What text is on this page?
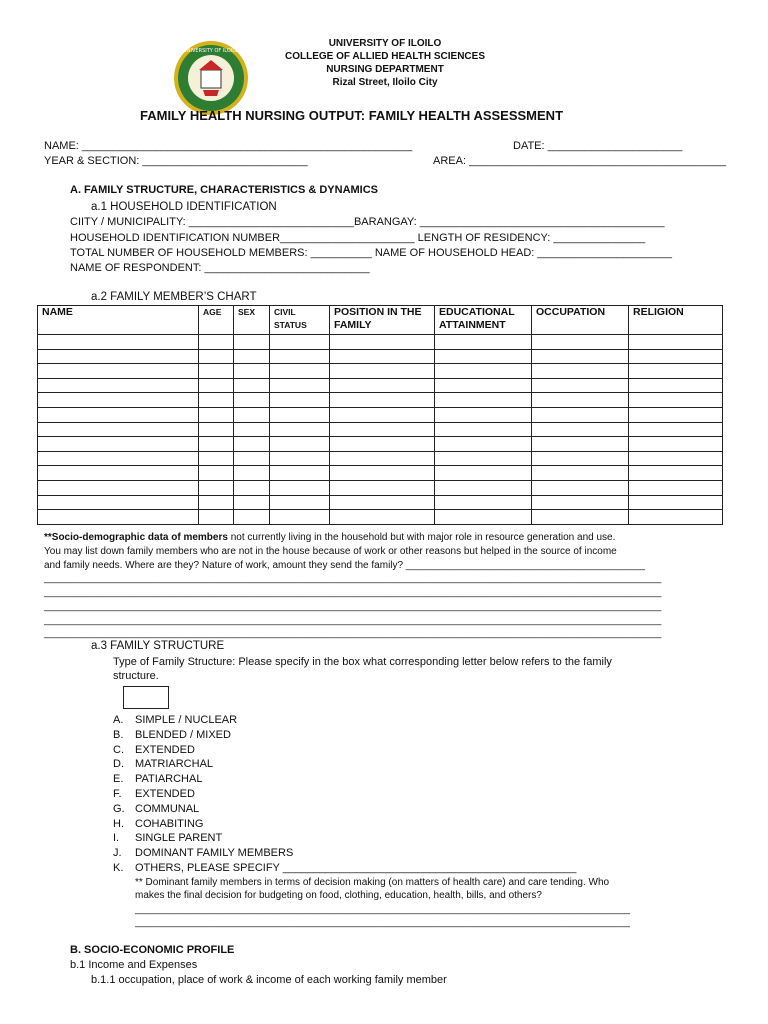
UNIVERSITY OF ILOILO
UNIVERSITY OF ILOILO
COLLEGE OF ALLIED HEALTH SCIENCES
NURSING DEPARTMENT
Rizal Street, Iloilo City
FAMILY HEALTH NURSING OUTPUT: FAMILY HEALTH ASSESSMENT
NAME: ______________________________________________________	DATE: ______________________
YEAR & SECTION: ___________________________	AREA: __________________________________________
A. FAMILY STRUCTURE, CHARACTERISTICS & DYNAMICS
a.1 HOUSEHOLD IDENTIFICATION
CIITY / MUNICIPALITY: ___________________________BARANGAY: ________________________________________
HOUSEHOLD IDENTIFICATION NUMBER______________________ LENGTH OF RESIDENCY: _______________
TOTAL NUMBER OF HOUSEHOLD MEMBERS: __________ NAME OF HOUSEHOLD HEAD: ______________________
NAME OF RESPONDENT: ___________________________
a.2 FAMILY MEMBER’S CHART
NAME	AGE	SEX	CIVIL STATUS	POSITION IN THE FAMILY	EDUCATIONAL ATTAINMENT	OCCUPATION	RELIGION

**Socio-demographic data of members not currently living in the household but with major role in resource generation and use.
You may list down family members who are not in the house because of work or other reasons but helped in the source of income
and family needs. Where are they? Nature of work, amount they send the family? ___________________________________________
_______________________________________________________________________________________________________________
_______________________________________________________________________________________________________________
_______________________________________________________________________________________________________________
_______________________________________________________________________________________________________________
_______________________________________________________________________________________________________________
a.3 FAMILY STRUCTURE
Type of Family Structure: Please specify in the box what corresponding letter below refers to the family
structure.
A.	SIMPLE / NUCLEAR
B.	BLENDED / MIXED
C.	EXTENDED
D.	MATRIARCHAL
E.	PATIARCHAL
F.	EXTENDED
G. COMMUNAL
H.	COHABITING
I.	SINGLE PARENT
J.	DOMINANT FAMILY MEMBERS
K.	OTHERS, PLEASE SPECIFY ________________________________________________
** Dominant family members in terms of decision making (on matters of health care) and care tending. Who
makes the final decision for budgeting on food, clothing, education, health, bills, and others?
_________________________________________________________________________________________
_________________________________________________________________________________________
B. SOCIO-ECONOMIC PROFILE
b.1 Income and Expenses
b.1.1 occupation, place of work & income of each working family member
